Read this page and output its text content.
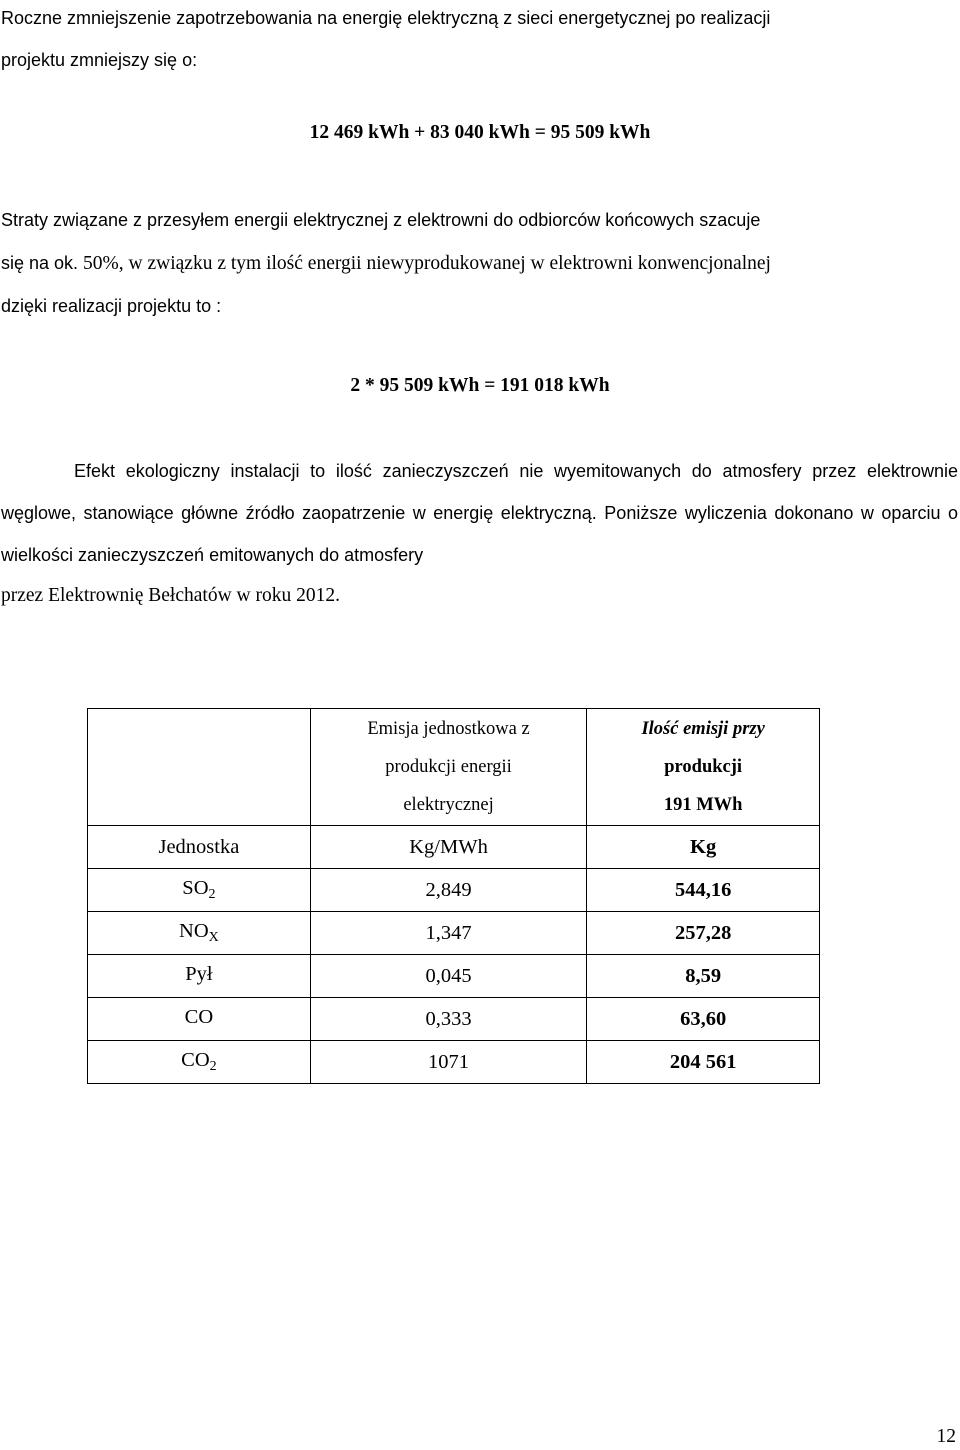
Roczne zmniejszenie zapotrzebowania na energię elektryczną z sieci energetycznej po realizacji
projektu zmniejszy się o:

12 469 kWh + 83 040 kWh = 95 509 kWh

Straty związane z przesyłem energii elektrycznej z elektrowni do odbiorców końcowych szacuje
się na ok. 50%, w związku z tym ilość energii niewyprodukowanej w elektrowni konwencjonalnej
dzięki realizacji projektu to :

2 * 95 509 kWh = 191 018 kWh

Efekt ekologiczny instalacji to ilość zanieczyszczeń nie wyemitowanych do atmosfery przez elektrownie węglowe, stanowiące główne źródło zaopatrzenie w energię elektryczną. Poniższe wyliczenia dokonano w oparciu o wielkości zanieczyszczeń emitowanych do atmosfery

przez Elektrownię Bełchatów w roku 2012.

	Emisja jednostkowa z
produkcji energii
elektrycznej	Ilość emisji przy
produkcji
191 MWh

Jednostka	Kg/MWh	Kg
$SO_2$	2,849	544,16
$NO_X$	1,347	257,28
Pył	0,045	8,59
CO	0,333	63,60
$CO_2$	1071	204 561
12
